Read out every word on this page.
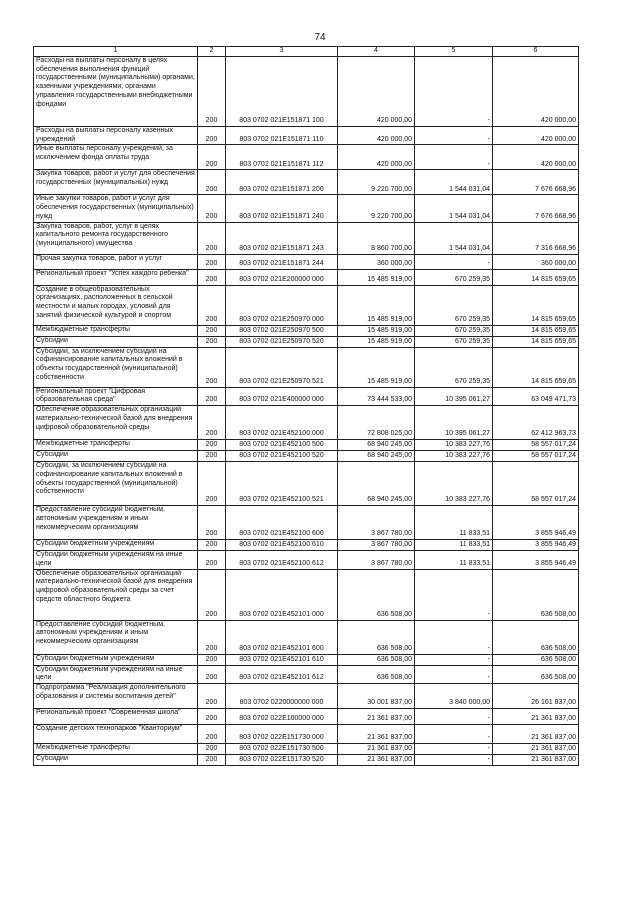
74
1	2	3	4	5	6
Расходы на выплаты персоналу в целях обеспечения выполнения функций государственными (муниципальными) органами, казенными учреждениями, органами управления государственными внебюджетными фондами	200	803 0702 021E151871 100	420 000,00	-	420 000,00
Расходы на выплаты персоналу казенных учреждений	200	803 0702 021E151871 110	420 000,00	-	420 000,00
Иные выплаты персоналу учреждений, за исключением фонда оплаты труда	200	803 0702 021E151871 112	420 000,00	-	420 000,00
Закупка товаров, работ и услуг для обеспечения государственных (муниципальных) нужд	200	803 0702 021E151871 200	9 220 700,00	1 544 031,04	7 676 668,96
Иные закупки товаров, работ и услуг для обеспечения государственных (муниципальных) нужд	200	803 0702 021E151871 240	9 220 700,00	1 544 031,04	7 676 668,96
Закупка товаров, работ, услуг в целях капитального ремонта государственного (муниципального) имущества	200	803 0702 021E151871 243	8 860 700,00	1 544 031,04	7 316 668,96
Прочая закупка товаров, работ и услуг	200	803 0702 021E151871 244	360 000,00	-	360 000,00
Региональный проект "Успех каждого ребенка"	200	803 0702 021E200000 000	15 485 919,00	670 259,35	14 815 659,65
Создание в общеобразовательных организациях, расположенных в сельской местности и малых городах, условий для занятий физической культурой и спортом	200	803 0702 021E250970 000	15 485 919,00	670 259,35	14 815 659,65
Межбюджетные трансферты	200	803 0702 021E250970 500	15 485 919,00	670 259,35	14 815 659,65
Субсидии	200	803 0702 021E250970 520	15 485 919,00	670 259,35	14 815 659,65
Субсидии, за исключением субсидий на софинансирование капитальных вложений в объекты государственной (муниципальной) собственности	200	803 0702 021E250970 521	15 485 919,00	670 259,35	14 815 659,65
Региональный проект "Цифровая образовательная среда"	200	803 0702 021E400000 000	73 444 533,00	10 395 061,27	63 049 471,73
Обеспечение образовательных организаций материально-технической базой для внедрения цифровой образовательной среды	200	803 0702 021E452100 000	72 808 025,00	10 395 061,27	62 412 963,73
Межбюджетные трансферты	200	803 0702 021E452100 500	68 940 245,00	10 383 227,76	58 557 017,24
Субсидии	200	803 0702 021E452100 520	68 940 245,00	10 383 227,76	58 557 017,24
Субсидии, за исключением субсидий на софинансирование капитальных вложений в объекты государственной (муниципальной) собственности	200	803 0702 021E452100 521	68 940 245,00	10 383 227,76	58 557 017,24
Предоставление субсидий бюджетным, автономным учреждениям и иным некоммерческим организациям	200	803 0702 021E452100 600	3 867 780,00	11 833,51	3 855 946,49
Субсидии бюджетным учреждениям	200	803 0702 021E452100 610	3 867 780,00	11 833,51	3 855 946,49
Субсидии бюджетным учреждениям на иные цели	200	803 0702 021E452100 612	3 867 780,00	11 833,51	3 855 946,49
Обеспечение образовательных организаций материально-технической базой для внедрения цифровой образовательной среды за счет средств областного бюджета	200	803 0702 021E452101 000	636 508,00	-	636 508,00
Предоставление субсидий бюджетным, автономным учреждениям и иным некоммерческим организациям	200	803 0702 021E452101 600	636 508,00	-	636 508,00
Субсидии бюджетным учреждениям	200	803 0702 021E452101 610	636 508,00	-	636 508,00
Субсидии бюджетным учреждениям на иные цели	200	803 0702 021E452101 612	636 508,00	-	636 508,00
Подпрограмма "Реализация дополнительного образования и системы воспитания детей"	200	803 0702 0220000000 000	30 001 837,00	3 840 000,00	26 161 837,00
Региональный проект "Современная школа"	200	803 0702 022E100000 000	21 361 837,00	-	21 361 837,00
Создание детских технопарков "Кванториум"	200	803 0702 022E151730 000	21 361 837,00	-	21 361 837,00
Межбюджетные трансферты	200	803 0702 022E151730 500	21 361 837,00	-	21 361 837,00
Субсидии	200	803 0702 022E151730 520	21 361 837,00	-	21 361 837,00
